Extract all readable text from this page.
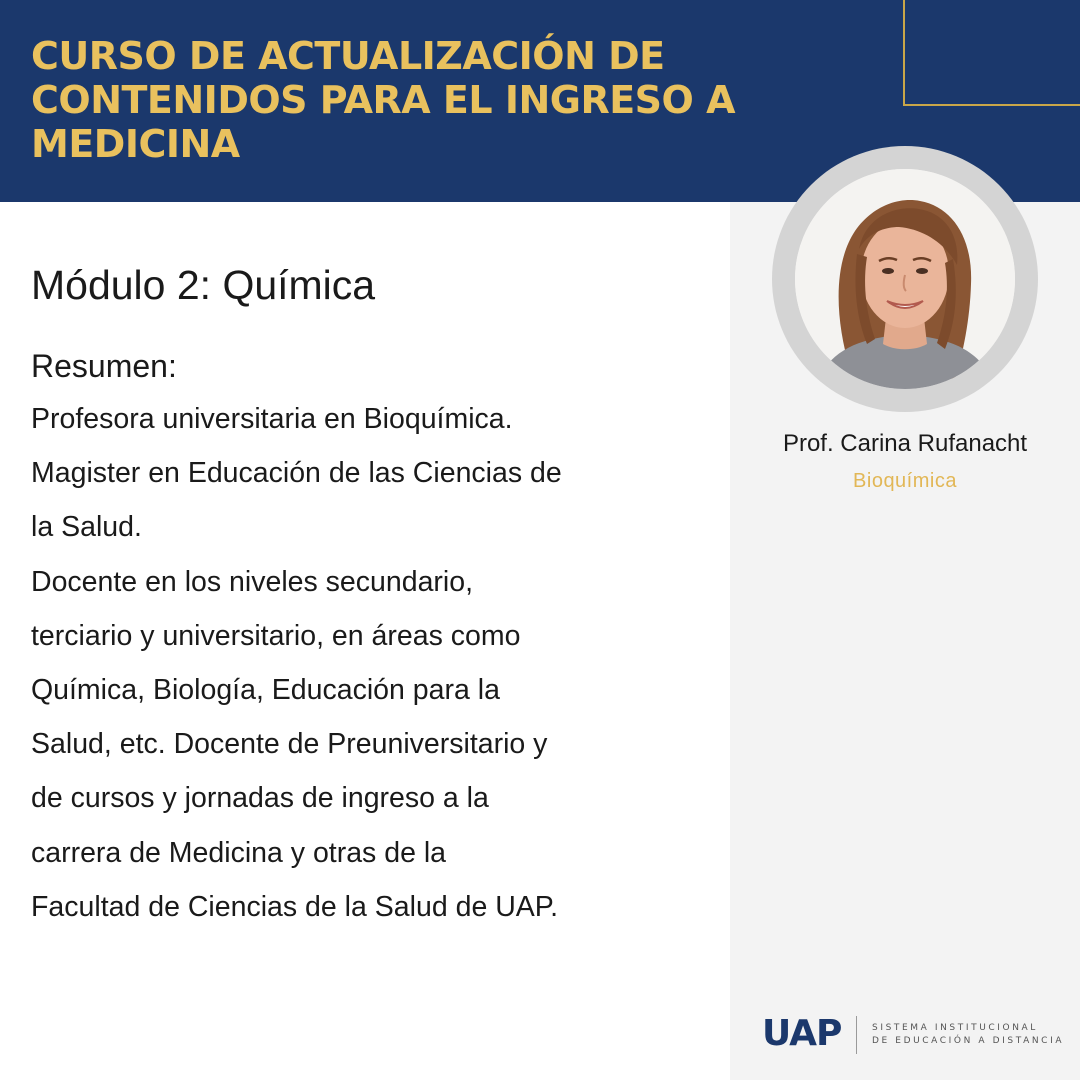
CURSO DE ACTUALIZACIÓN DE CONTENIDOS PARA EL INGRESO A MEDICINA
Prof. Carina Rufanacht
Bioquímica
Módulo 2: Química
Resumen:
Profesora universitaria en Bioquímica.
Magister en Educación de las Ciencias de
la Salud.
Docente en los niveles secundario,
terciario y universitario, en áreas como
Química, Biología, Educación para la
Salud, etc. Docente de Preuniversitario y
de cursos y jornadas de ingreso a la
carrera de Medicina y otras de la
Facultad de Ciencias de la Salud de UAP.
UAP	SISTEMA INSTITUCIONAL
DE EDUCACIÓN A DISTANCIA
